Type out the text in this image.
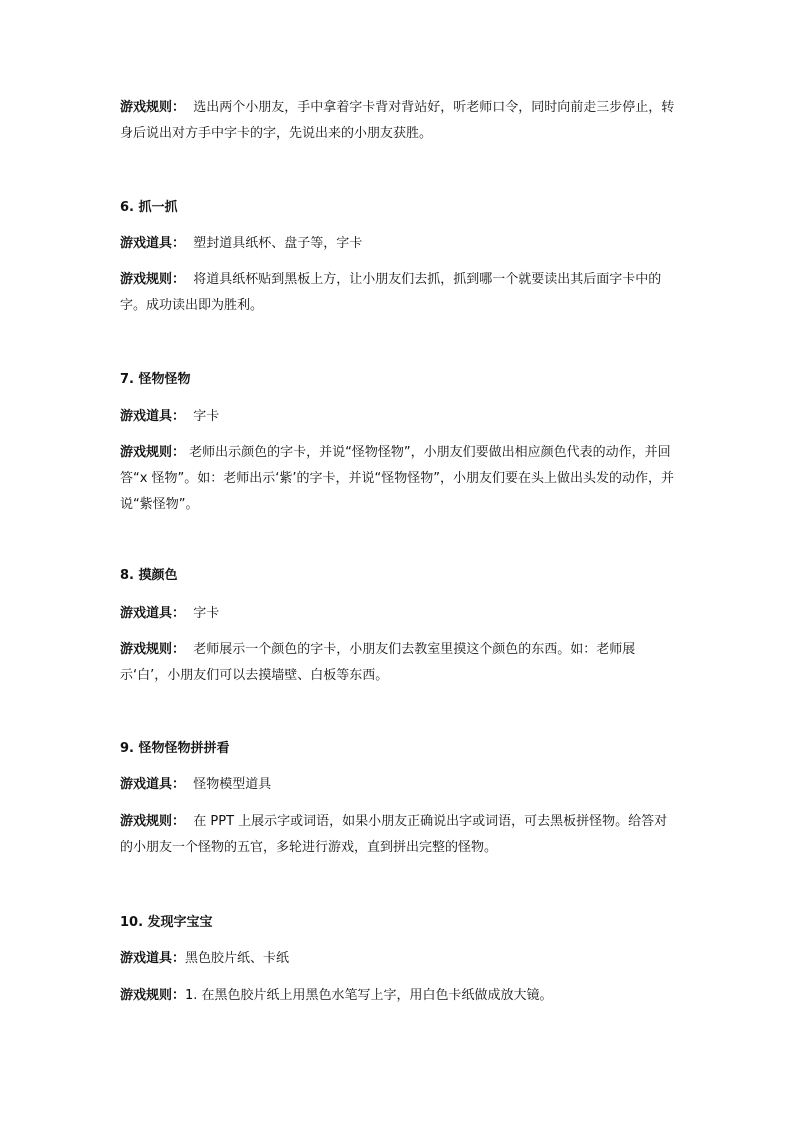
游戏规则： 选出两个小朋友，手中拿着字卡背对背站好，听老师口令，同时向前走三步停止，转身后说出对方手中字卡的字，先说出来的小朋友获胜。
6. 抓一抓
游戏道具： 塑封道具纸杯、盘子等，字卡
游戏规则： 将道具纸杯贴到黑板上方，让小朋友们去抓，抓到哪一个就要读出其后面字卡中的字。成功读出即为胜利。
7. 怪物怪物
游戏道具： 字卡
游戏规则： 老师出示颜色的字卡，并说“怪物怪物”，小朋友们要做出相应颜色代表的动作，并回答“x 怪物”。如：老师出示‘紫’的字卡，并说“怪物怪物”，小朋友们要在头上做出头发的动作，并说“紫怪物”。
8. 摸颜色
游戏道具： 字卡
游戏规则： 老师展示一个颜色的字卡，小朋友们去教室里摸这个颜色的东西。如：老师展示‘白’，小朋友们可以去摸墙壁、白板等东西。
9. 怪物怪物拼拼看
游戏道具： 怪物模型道具
游戏规则： 在 PPT 上展示字或词语，如果小朋友正确说出字或词语，可去黑板拼怪物。给答对的小朋友一个怪物的五官，多轮进行游戏，直到拼出完整的怪物。
10. 发现字宝宝
游戏道具：黑色胶片纸、卡纸
游戏规则：1. 在黑色胶片纸上用黑色水笔写上字，用白色卡纸做成放大镜。
